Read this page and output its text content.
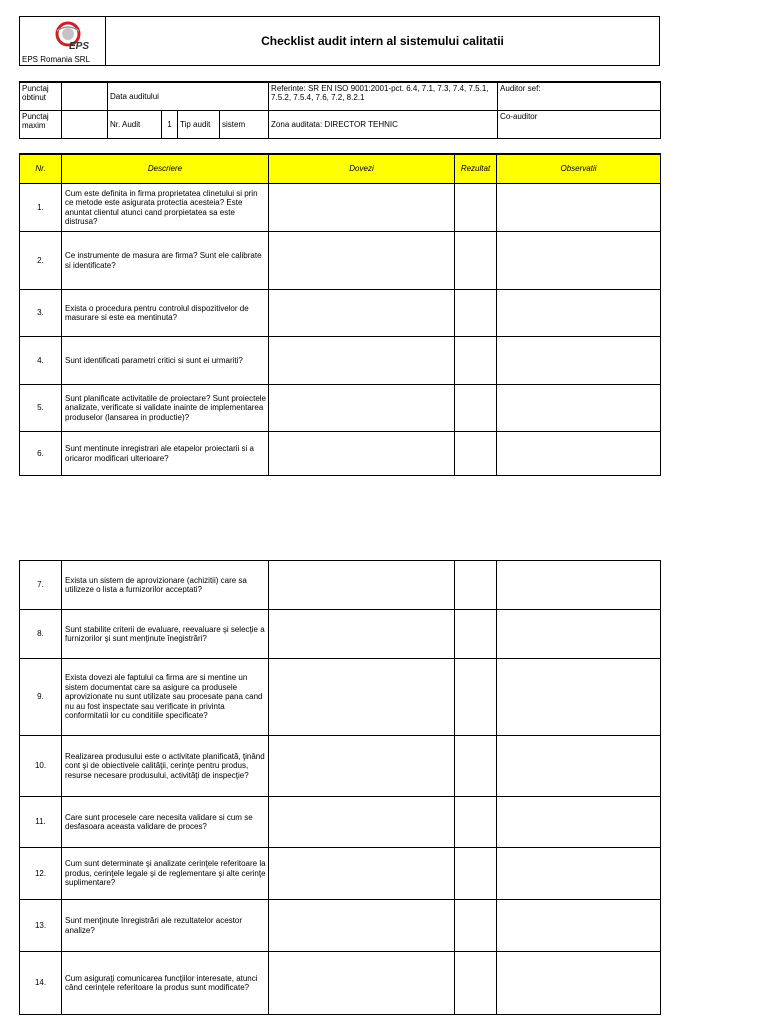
EPS
EPS Romania SRL
	Checklist audit intern al sistemului calitatii
Punctaj obtinut		Data auditului				Referinte: SR EN ISO 9001:2001-pct. 6.4, 7.1, 7.3, 7.4, 7.5.1, 7.5.2, 7.5.4, 7.6, 7.2, 8.2.1	Auditor sef:
Punctaj maxim		Nr. Audit	1	Tip audit	sistem	Zona auditata: DIRECTOR TEHNIC	Co-auditor
Nr.	Descriere	Dovezi	Rezultat	Observatii
1.	Cum este definita in firma proprietatea clinetului si prin ce metode este asigurata protectia acesteia? Este anuntat clientul atunci cand prorpietatea sa este distrusa?			
2.	Ce instrumente de masura are firma? Sunt ele calibrate si identificate?			
3.	Exista o procedura pentru controlul dispozitivelor de masurare si este ea mentinuta?			
4.	Sunt identificati parametri critici si sunt ei urmariti?			
5.	Sunt planificate activitatile de proiectare? Sunt proiectele analizate, verificate si validate inainte de implementarea produselor (lansarea in productie)?			
6.	Sunt mentinute inregistrari ale etapelor proiectarii si a oricaror modificari ulterioare?			
7.	Exista un sistem de aprovizionare (achizitii) care sa utilizeze o lista a furnizorilor acceptati?			
8.	Sunt stabilite criterii de evaluare, reevaluare şi selecţie a furnizorilor şi sunt menţinute înegistrări?			
9.	Exista dovezi ale faptului ca firma are si mentine un sistem documentat care sa asigure ca produsele aprovizionate nu sunt utilizate sau procesate pana cand nu au fost inspectate sau verificate in privinta conformitatii lor cu conditiile specificate?			
10.	Realizarea produsului este o activitate planificată, ţinând cont şi de obiectivele calităţii, cerinţe pentru produs, resurse necesare produsului, activităţi de inspecţie?			
11.	Care sunt procesele care necesita validare si cum se desfasoara aceasta validare de proces?			
12.	Cum sunt determinate şi analizate cerinţele referitoare la produs, cerinţele legale şi de reglementare şi alte cerinţe suplimentare?			
13.	Sunt menţinute înregistrări ale rezultatelor acestor analize?			
14.	Cum asiguraţi comunicarea funcţiilor interesate, atunci când cerinţele referitoare la produs sunt modificate?			
